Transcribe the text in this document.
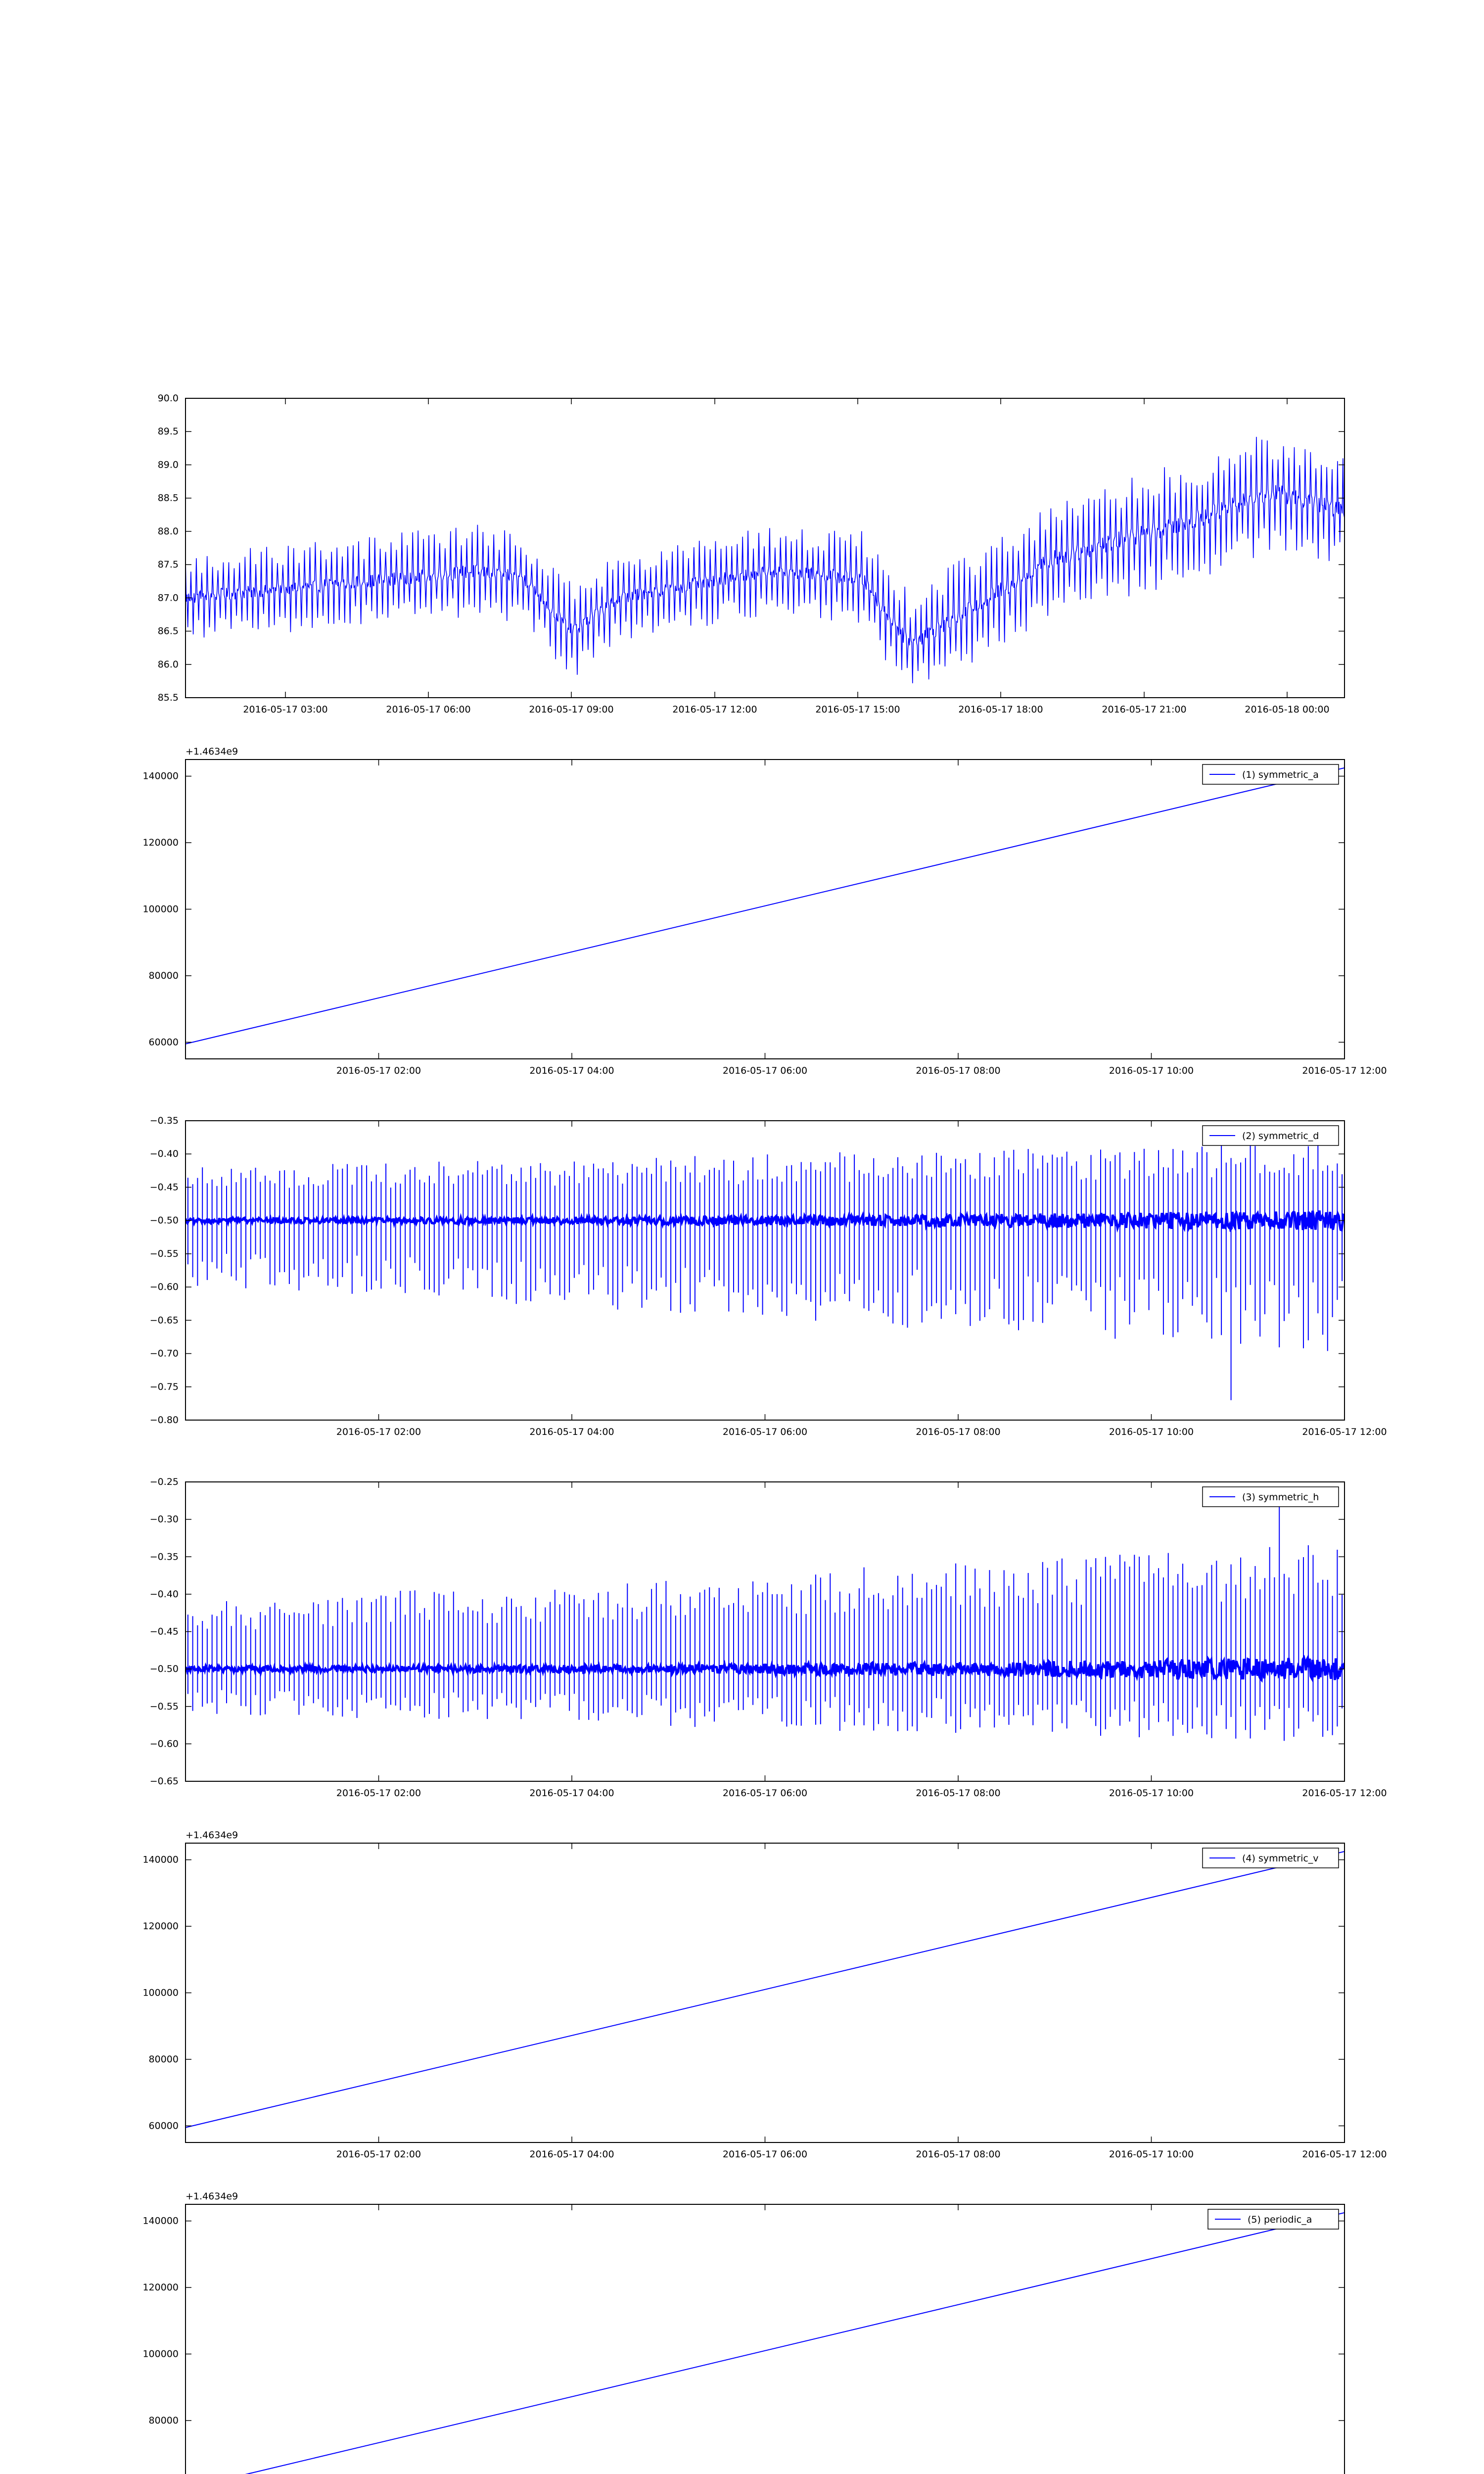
85.5
86.0
86.5
87.0
87.5
88.0
88.5
89.0
89.5
90.0
2016-05-17 03:00	2016-05-17 06:00	2016-05-17 09:00	2016-05-17 12:00	2016-05-17 15:00	2016-05-17 18:00	2016-05-17 21:00	2016-05-18 00:00
60000
80000
100000
120000
140000
2016-05-17 02:00	2016-05-17 04:00	2016-05-17 06:00	2016-05-17 08:00	2016-05-17 10:00	2016-05-17 12:00
+1.4634e9
(1) symmetric_a
−0.80
−0.75
−0.70
−0.65
−0.60
−0.55
−0.50
−0.45
−0.40
−0.35
2016-05-17 02:00	2016-05-17 04:00	2016-05-17 06:00	2016-05-17 08:00	2016-05-17 10:00	2016-05-17 12:00
(2) symmetric_d
−0.65
−0.60
−0.55
−0.50
−0.45
−0.40
−0.35
−0.30
−0.25
2016-05-17 02:00	2016-05-17 04:00	2016-05-17 06:00	2016-05-17 08:00	2016-05-17 10:00	2016-05-17 12:00
(3) symmetric_h
60000
80000
100000
120000
140000
2016-05-17 02:00	2016-05-17 04:00	2016-05-17 06:00	2016-05-17 08:00	2016-05-17 10:00	2016-05-17 12:00
+1.4634e9
(4) symmetric_v
80000
100000
120000
140000
+1.4634e9
(5) periodic_a
